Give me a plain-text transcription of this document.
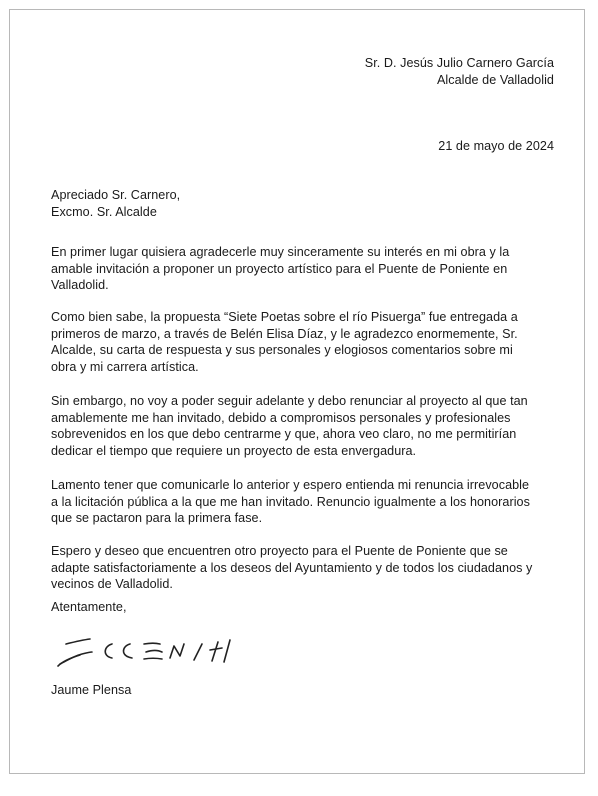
Sr. D. Jesús Julio Carnero García
Alcalde de Valladolid
21 de mayo de 2024
Apreciado Sr. Carnero,
Excmo. Sr. Alcalde

En primer lugar quisiera agradecerle muy sinceramente su interés en mi obra y la amable invitación a proponer un proyecto artístico para el Puente de Poniente en Valladolid.

Como bien sabe, la propuesta “Siete Poetas sobre el río Pisuerga” fue entregada a primeros de marzo, a través de Belén Elisa Díaz, y le agradezco enormemente, Sr. Alcalde, su carta de respuesta y sus personales y elogiosos comentarios sobre mi obra y mi carrera artística.

Sin embargo, no voy a poder seguir adelante y debo renunciar al proyecto al que tan amablemente me han invitado, debido a compromisos personales y profesionales sobrevenidos en los que debo centrarme y que, ahora veo claro, no me permitirían dedicar el tiempo que requiere un proyecto de esta envergadura.

Lamento tener que comunicarle lo anterior y espero entienda mi renuncia irrevocable a la licitación pública a la que me han invitado. Renuncio igualmente a los honorarios que se pactaron para la primera fase.

Espero y deseo que encuentren otro proyecto para el Puente de Poniente que se adapte satisfactoriamente a los deseos del Ayuntamiento y de todos los ciudadanos y vecinos de Valladolid.

Atentamente,
Jaume Plensa
